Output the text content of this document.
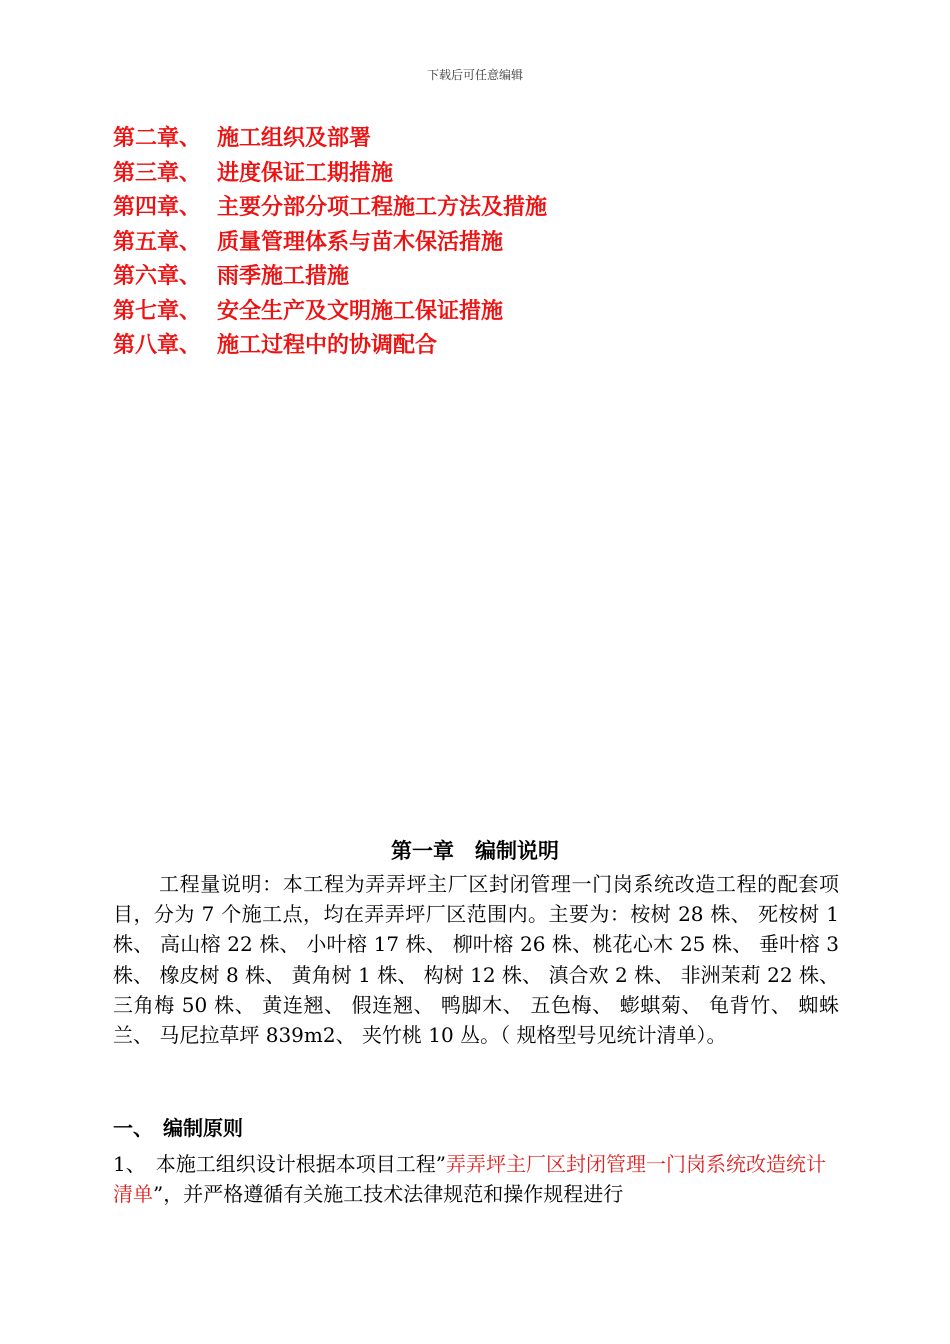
下载后可任意编辑
第二章、 施工组织及部署
第三章、 进度保证工期措施
第四章、 主要分部分项工程施工方法及措施
第五章、 质量管理体系与苗木保活措施
第六章、 雨季施工措施
第七章、 安全生产及文明施工保证措施
第八章、 施工过程中的协调配合
第一章　编制说明
工程量说明：本工程为弄弄坪主厂区封闭管理一门岗系统改造工程的配套项目，分为 7 个施工点，均在弄弄坪厂区范围内。主要为：桉树 28 株、 死桉树 1 株、 高山榕 22 株、 小叶榕 17 株、 柳叶榕 26 株、桃花心木 25 株、 垂叶榕 3 株、 橡皮树 8 株、 黄角树 1 株、 构树 12 株、 滇合欢 2 株、 非洲茉莉 22 株、 三角梅 50 株、 黄连翘、 假连翘、 鸭脚木、 五色梅、 蟛蜞菊、 龟背竹、 蜘蛛兰、 马尼拉草坪 839m2、 夹竹桃 10 丛。（ 规格型号见统计清单）。
一、　编制原则
1、　本施工组织设计根据本项目工程”弄弄坪主厂区封闭管理一门岗系统改造统计清单”，并严格遵循有关施工技术法律规范和操作规程进行
